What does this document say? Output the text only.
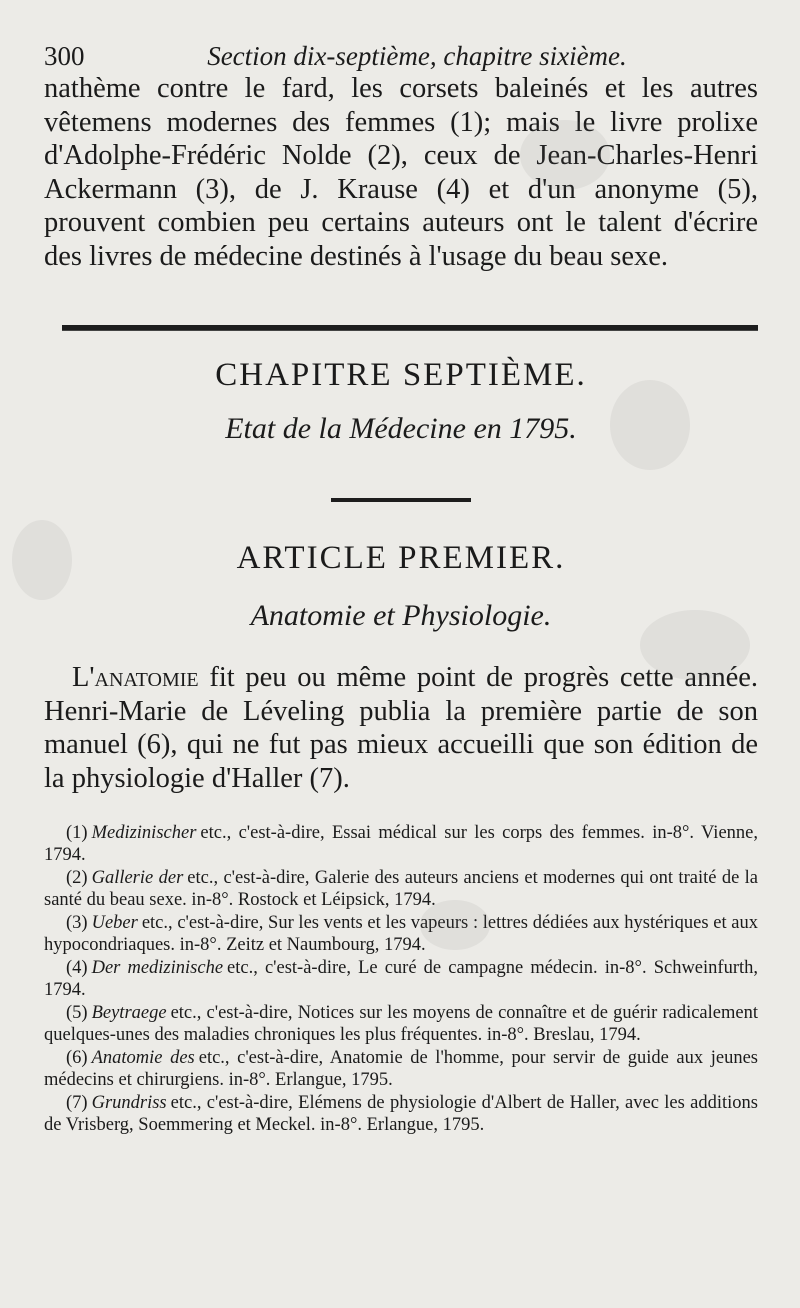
300	Section dix-septième, chapitre sixième.

nathème contre le fard, les corsets baleinés et les autres vêtemens modernes des femmes (1); mais le livre prolixe d'Adolphe-Frédéric Nolde (2), ceux de Jean-Charles-Henri Ackermann (3), de J. Krause (4) et d'un anonyme (5), prouvent combien peu certains auteurs ont le talent d'écrire des livres de médecine destinés à l'usage du beau sexe.

CHAPITRE SEPTIÈME.
Etat de la Médecine en 1795.
ARTICLE PREMIER.
Anatomie et Physiologie.

L'anatomie fit peu ou même point de progrès cette année. Henri-Marie de Léveling publia la première partie de son manuel (6), qui ne fut pas mieux accueilli que son édition de la physiologie d'Haller (7).

(1) Medizinischer etc., c'est-à-dire, Essai médical sur les corps des femmes. in-8°. Vienne, 1794.

(2) Gallerie der etc., c'est-à-dire, Galerie des auteurs anciens et modernes qui ont traité de la santé du beau sexe. in-8°. Rostock et Léipsick, 1794.

(3) Ueber etc., c'est-à-dire, Sur les vents et les vapeurs : lettres dédiées aux hystériques et aux hypocondriaques. in-8°. Zeitz et Naumbourg, 1794.

(4) Der medizinische etc., c'est-à-dire, Le curé de campagne médecin. in-8°. Schweinfurth, 1794.

(5) Beytraege etc., c'est-à-dire, Notices sur les moyens de connaître et de guérir radicalement quelques-unes des maladies chroniques les plus fréquentes. in-8°. Breslau, 1794.

(6) Anatomie des etc., c'est-à-dire, Anatomie de l'homme, pour servir de guide aux jeunes médecins et chirurgiens. in-8°. Erlangue, 1795.

(7) Grundriss etc., c'est-à-dire, Elémens de physiologie d'Albert de Haller, avec les additions de Vrisberg, Soemmering et Meckel. in-8°. Erlangue, 1795.
